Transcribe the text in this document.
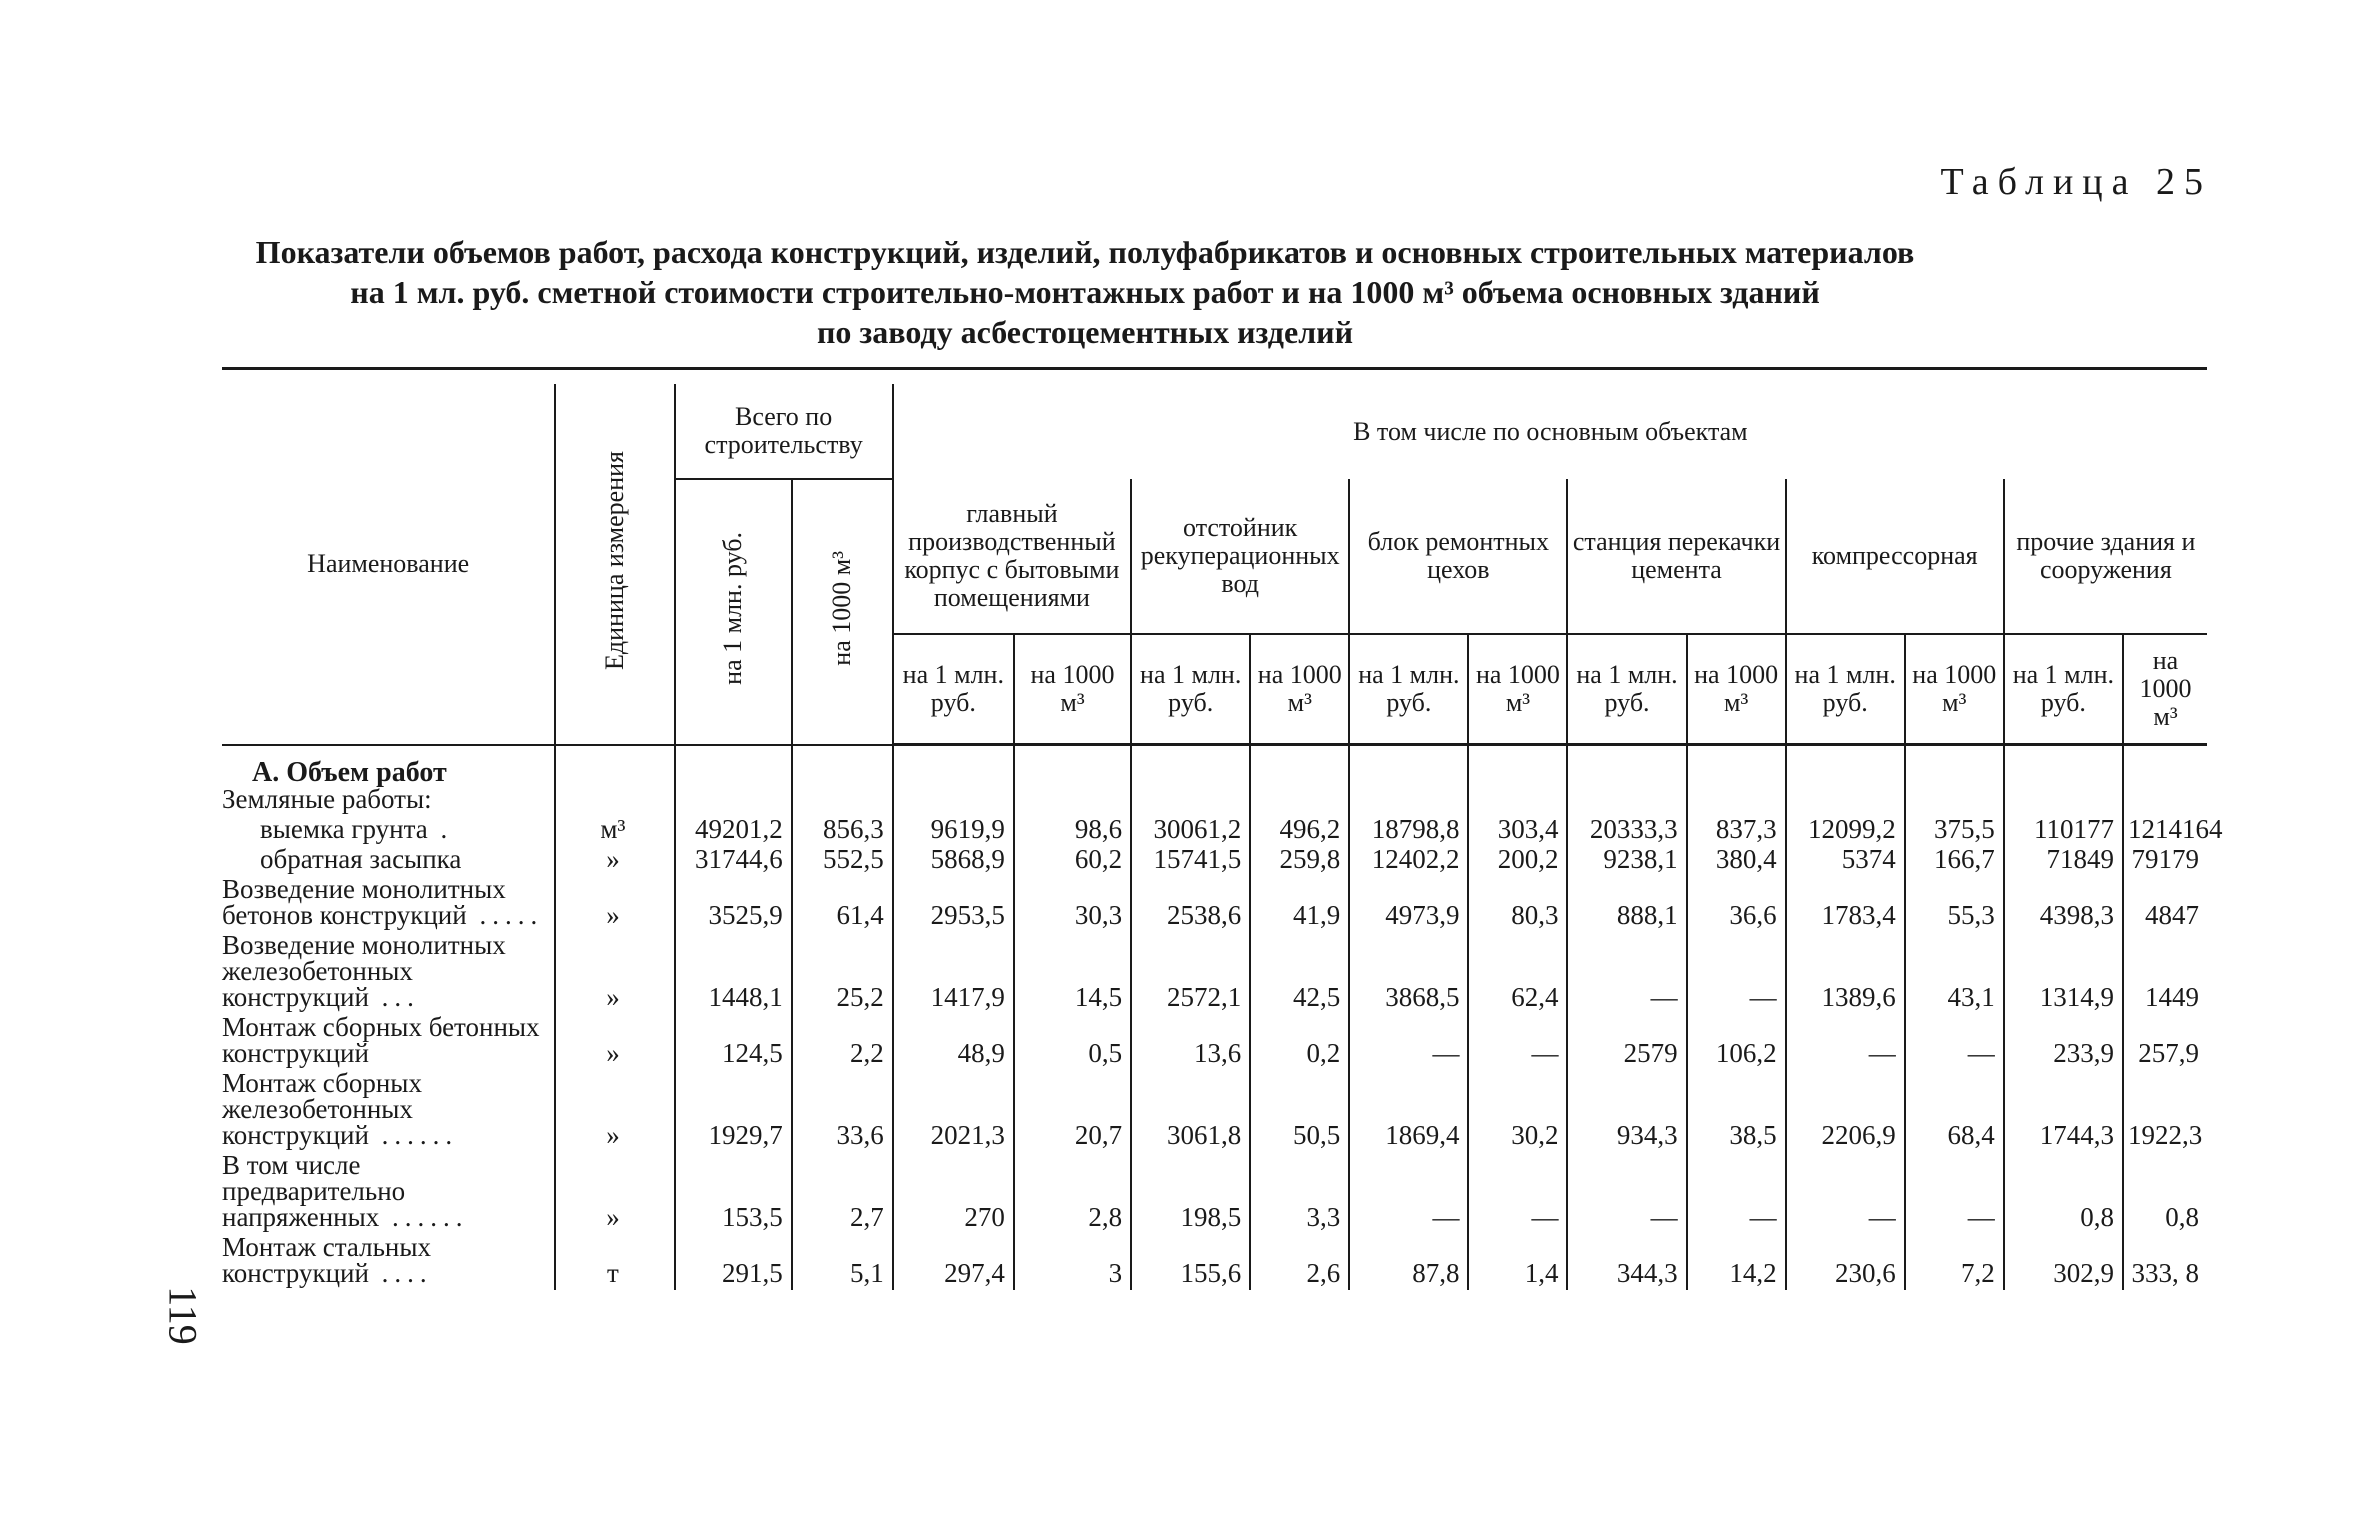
Таблица 25
Показатели объемов работ, расхода конструкций, изделий, полуфабрикатов и основных строительных материалов
на 1 мл. руб. сметной стоимости строительно-монтажных работ и на 1000 м³ объема основных зданий
по заводу асбестоцементных изделий
119
Наименование	Единица измерения	Всего по строительству		В том числе по основным объектам											
		на 1 млн. руб.	на 1000 м³	главный производственный корпус с бытовыми помещениями		отстойник рекуперационных вод		блок ремонтных цехов		станция перекачки цемента		компрессорная		прочие здания и сооружения	
				на 1 млн. руб.	на 1000 м³	на 1 млн. руб.	на 1000 м³	на 1 млн. руб.	на 1000 м³	на 1 млн. руб.	на 1000 м³	на 1 млн. руб.	на 1000 м³	на 1 млн. руб.	на 1000 м³

А. Объем работ															

Земляные работы:															

выемка грунта .	м³	49201,2	856,3	9619,9	98,6	30061,2	496,2	18798,8	303,4	20333,3	837,3	12099,2	375,5	110177	1214164

обратная засыпка	»	31744,6	552,5	5868,9	60,2	15741,5	259,8	12402,2	200,2	9238,1	380,4	5374	166,7	71849	79179
Возведение монолитных бетонов конструкций .....	»	3525,9	61,4	2953,5	30,3	2538,6	41,9	4973,9	80,3	888,1	36,6	1783,4	55,3	4398,3	4847
Возведение монолитных железобетонных конструкций ...	»	1448,1	25,2	1417,9	14,5	2572,1	42,5	3868,5	62,4	—	—	1389,6	43,1	1314,9	1449
Монтаж сборных бетонных конструкций	»	124,5	2,2	48,9	0,5	13,6	0,2	—	—	2579	106,2	—	—	233,9	257,9
Монтаж сборных железобетонных конструкций ......	»	1929,7	33,6	2021,3	20,7	3061,8	50,5	1869,4	30,2	934,3	38,5	2206,9	68,4	1744,3	1922,3
В том числе предварительно напряженных ......	»	153,5	2,7	270	2,8	198,5	3,3	—	—	—	—	—	—	0,8	0,8
Монтаж стальных конструкций ....	т	291,5	5,1	297,4	3	155,6	2,6	87,8	1,4	344,3	14,2	230,6	7,2	302,9	333, 8
